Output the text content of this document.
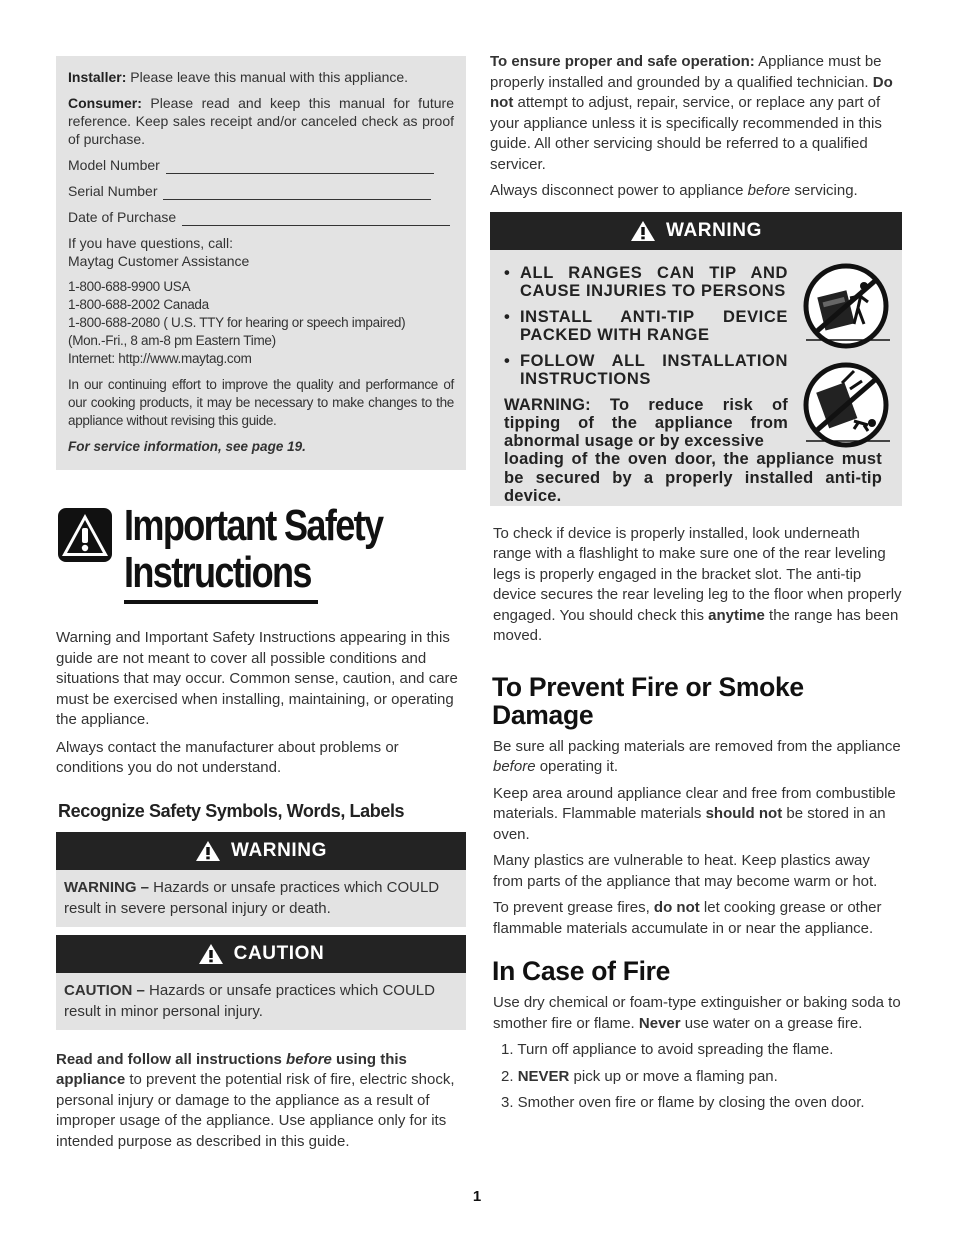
Installer: Please leave this manual with this appliance.

Consumer: Please read and keep this manual for future reference. Keep sales receipt and/or canceled check as proof of purchase.

Model Number
Serial Number
Date of Purchase

If you have questions, call:
Maytag Customer Assistance

1-800-688-9900 USA
1-800-688-2002 Canada
1-800-688-2080 ( U.S. TTY for hearing or speech impaired)
(Mon.-Fri., 8 am-8 pm Eastern Time)
Internet: http://www.maytag.com

In our continuing effort to improve the quality and performance of our cooking products, it may be necessary to make changes to the appliance without revising this guide.

For service information, see page 19.

Important Safety
Instructions

Warning and Important Safety Instructions appearing in this guide are not meant to cover all possible conditions and situations that may occur. Common sense, caution, and care must be exercised when installing, maintaining, or operating the appliance.

Always contact the manufacturer about problems or conditions you do not understand.

Recognize Safety Symbols, Words, Labels
WARNING
WARNING – Hazards or unsafe practices which COULD result in severe personal injury or death.
CAUTION
CAUTION – Hazards or unsafe practices which COULD result in minor personal injury.
Read and follow all instructions before using this appliance to prevent the potential risk of fire, electric shock, personal injury or damage to the appliance as a result of improper usage of the appliance. Use appliance only for its intended purpose as described in this guide.

To ensure proper and safe operation: Appliance must be properly installed and grounded by a qualified technician. Do not attempt to adjust, repair, service, or replace any part of your appliance unless it is specifically recommended in this guide. All other servicing should be referred to a qualified servicer.

Always disconnect power to appliance before servicing.

WARNING
• ALL RANGES CAN TIP AND CAUSE INJURIES TO PERSONS
• INSTALL ANTI-TIP DEVICE PACKED WITH RANGE
• FOLLOW ALL INSTALLATION INSTRUCTIONS
WARNING: To reduce risk of tipping of the appliance from abnormal usage or by excessive
loading of the oven door, the appliance must be secured by a properly installed anti-tip device.

To check if device is properly installed, look underneath range with a flashlight to make sure one of the rear leveling legs is properly engaged in the bracket slot. The anti-tip device secures the rear leveling leg to the floor when properly engaged. You should check this anytime the range has been moved.

To Prevent Fire or Smoke Damage

Be sure all packing materials are removed from the appliance before operating it.

Keep area around appliance clear and free from combustible materials. Flammable materials should not be stored in an oven.

Many plastics are vulnerable to heat. Keep plastics away from parts of the appliance that may become warm or hot.

To prevent grease fires, do not let cooking grease or other flammable materials accumulate in or near the appliance.

In Case of Fire

Use dry chemical or foam-type extinguisher or baking soda to smother fire or flame. Never use water on a grease fire.

1. Turn off appliance to avoid spreading the flame.
2. NEVER pick up or move a flaming pan.
3. Smother oven fire or flame by closing the oven door.
1
